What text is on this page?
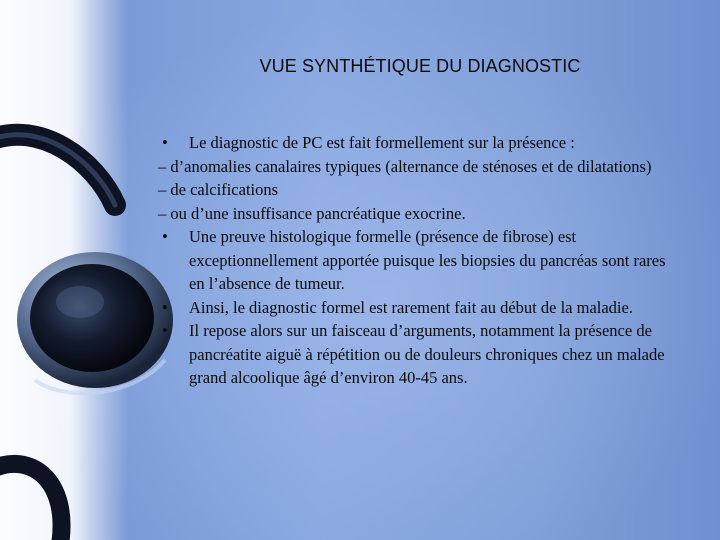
VUE SYNTHÉTIQUE DU DIAGNOSTIC

• Le diagnostic de PC est fait formellement sur la présence :

– d’anomalies canalaires typiques (alternance de sténoses et de dilatations)

– de calcifications

– ou d’une insuffisance pancréatique exocrine.

• Une preuve histologique formelle (présence de fibrose) est exceptionnellement apportée puisque les biopsies du pancréas sont rares en l’absence de tumeur.

• Ainsi, le diagnostic formel est rarement fait au début de la maladie.

• Il repose alors sur un faisceau d’arguments, notamment la présence de pancréatite aiguë à répétition ou de douleurs chroniques chez un malade grand alcoolique âgé d’environ 40-45 ans.
